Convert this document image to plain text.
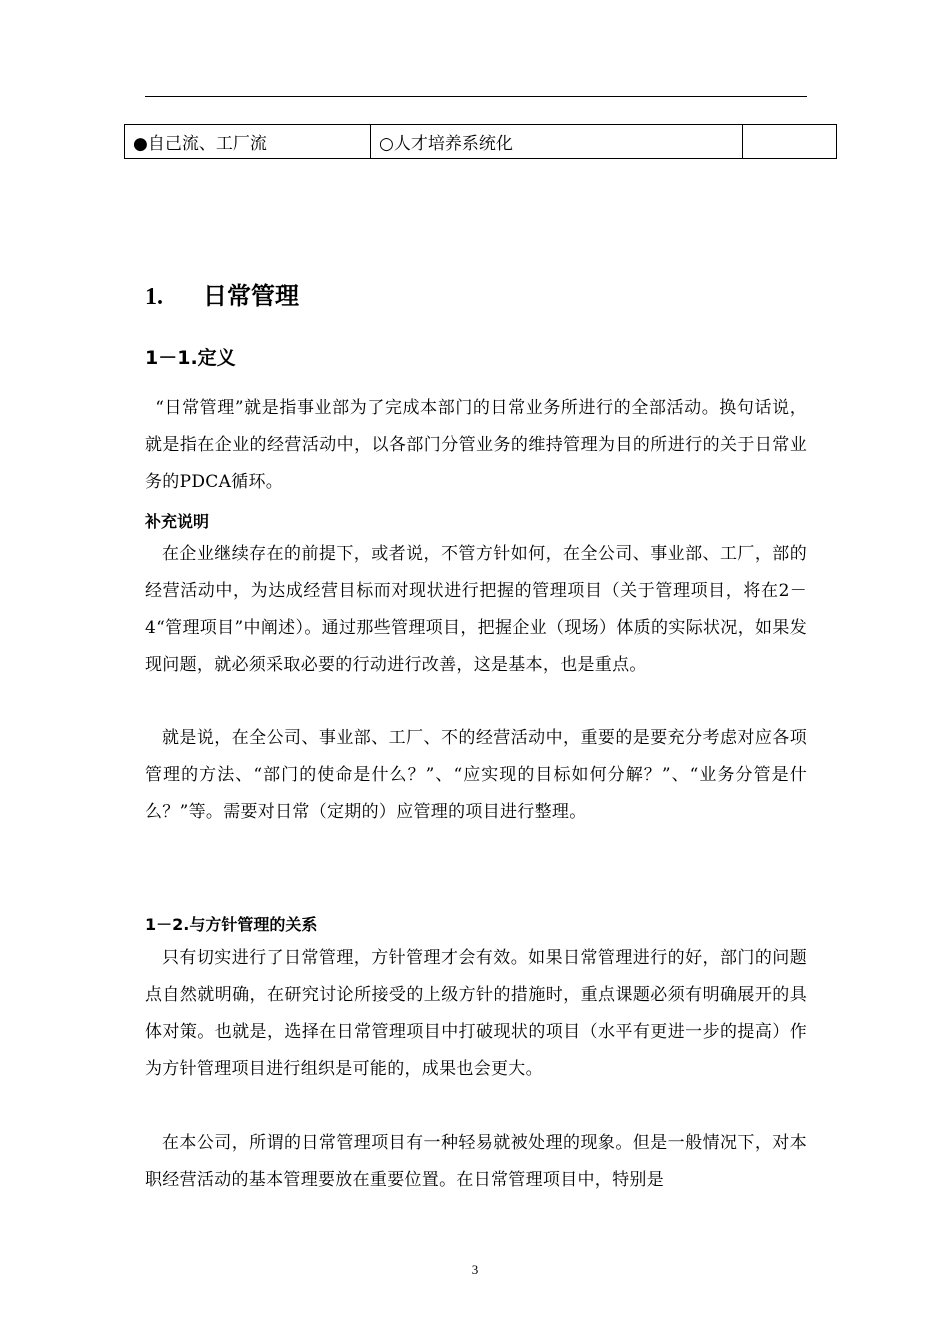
●自己流、工厂流	○人才培养系统化	
1. 日常管理
1－1.定义

“日常管理”就是指事业部为了完成本部门的日常业务所进行的全部活动。换句话说，就是指在企业的经营活动中，以各部门分管业务的维持管理为目的所进行的关于日常业务的PDCA循环。

补充说明

在企业继续存在的前提下，或者说，不管方针如何，在全公司、事业部、工厂，部的经营活动中，为达成经营目标而对现状进行把握的管理项目（关于管理项目，将在2－4“管理项目”中阐述）。通过那些管理项目，把握企业（现场）体质的实际状况，如果发现问题，就必须采取必要的行动进行改善，这是基本，也是重点。

就是说，在全公司、事业部、工厂、不的经营活动中，重要的是要充分考虑对应各项管理的方法、“部门的使命是什么？”、“应实现的目标如何分解？”、“业务分管是什么？”等。需要对日常（定期的）应管理的项目进行整理。

1－2.与方针管理的关系

只有切实进行了日常管理，方针管理才会有效。如果日常管理进行的好，部门的问题点自然就明确，在研究讨论所接受的上级方针的措施时，重点课题必须有明确展开的具体对策。也就是，选择在日常管理项目中打破现状的项目（水平有更进一步的提高）作为方针管理项目进行组织是可能的，成果也会更大。

在本公司，所谓的日常管理项目有一种轻易就被处理的现象。但是一般情况下，对本职经营活动的基本管理要放在重要位置。在日常管理项目中，特别是

3
